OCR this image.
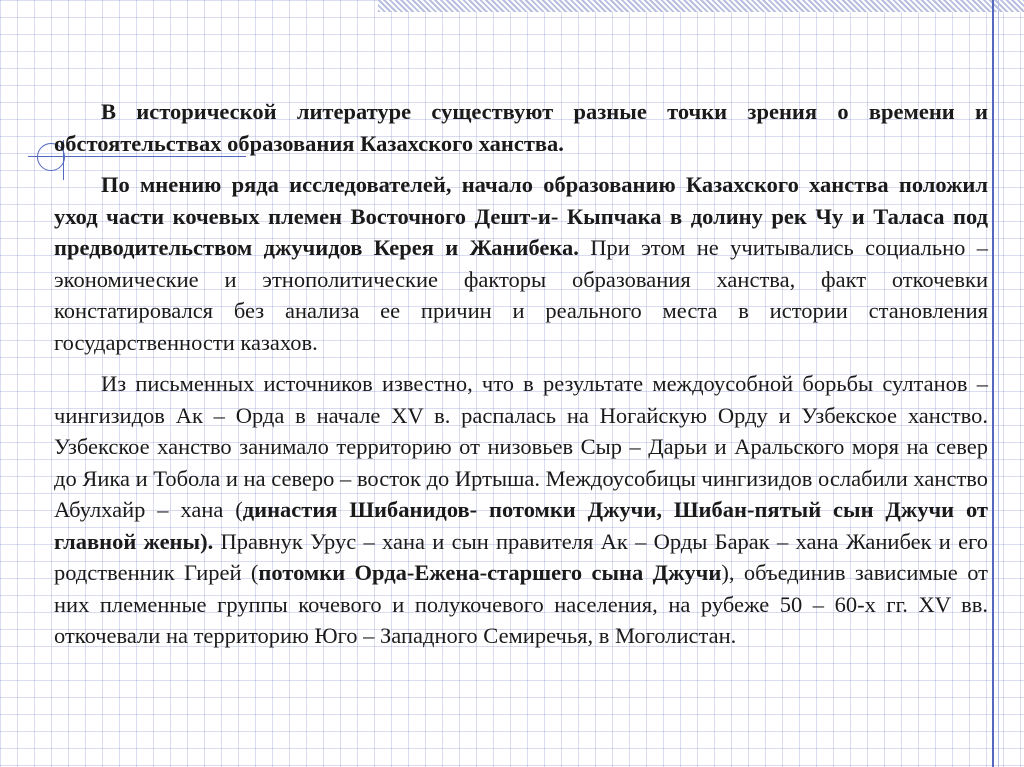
В исторической литературе существуют разные точки зрения о времени и обстоятельствах образования Казахского ханства.

По мнению ряда исследователей, начало образованию Казахского ханства положил уход части кочевых племен Восточного Дешт-и- Кыпчака в долину рек Чу и Таласа под предводительством джучидов Керея и Жанибека. При этом не учитывались социально – экономические и этнополитические факторы образования ханства, факт откочевки констатировался без анализа ее причин и реального места в истории становления государственности казахов.

Из письменных источников известно, что в результате междоусобной борьбы султанов – чингизидов Ак – Орда в начале XV в. распалась на Ногайскую Орду и Узбекское ханство. Узбекское ханство занимало территорию от низовьев Сыр – Дарьи и Аральского моря на север до Яика и Тобола и на северо – восток до Иртыша. Междоусобицы чингизидов ослабили ханство Абулхайр – хана (династия Шибанидов- потомки Джучи, Шибан-пятый сын Джучи от главной жены). Правнук Урус – хана и сын правителя Ак – Орды Барак – хана Жанибек и его родственник Гирей (потомки Орда-Ежена-старшего сына Джучи), объединив зависимые от них племенные группы кочевого и полукочевого населения, на рубеже 50 – 60-х гг. XV вв. откочевали на территорию Юго – Западного Семиречья, в Моголистан.
